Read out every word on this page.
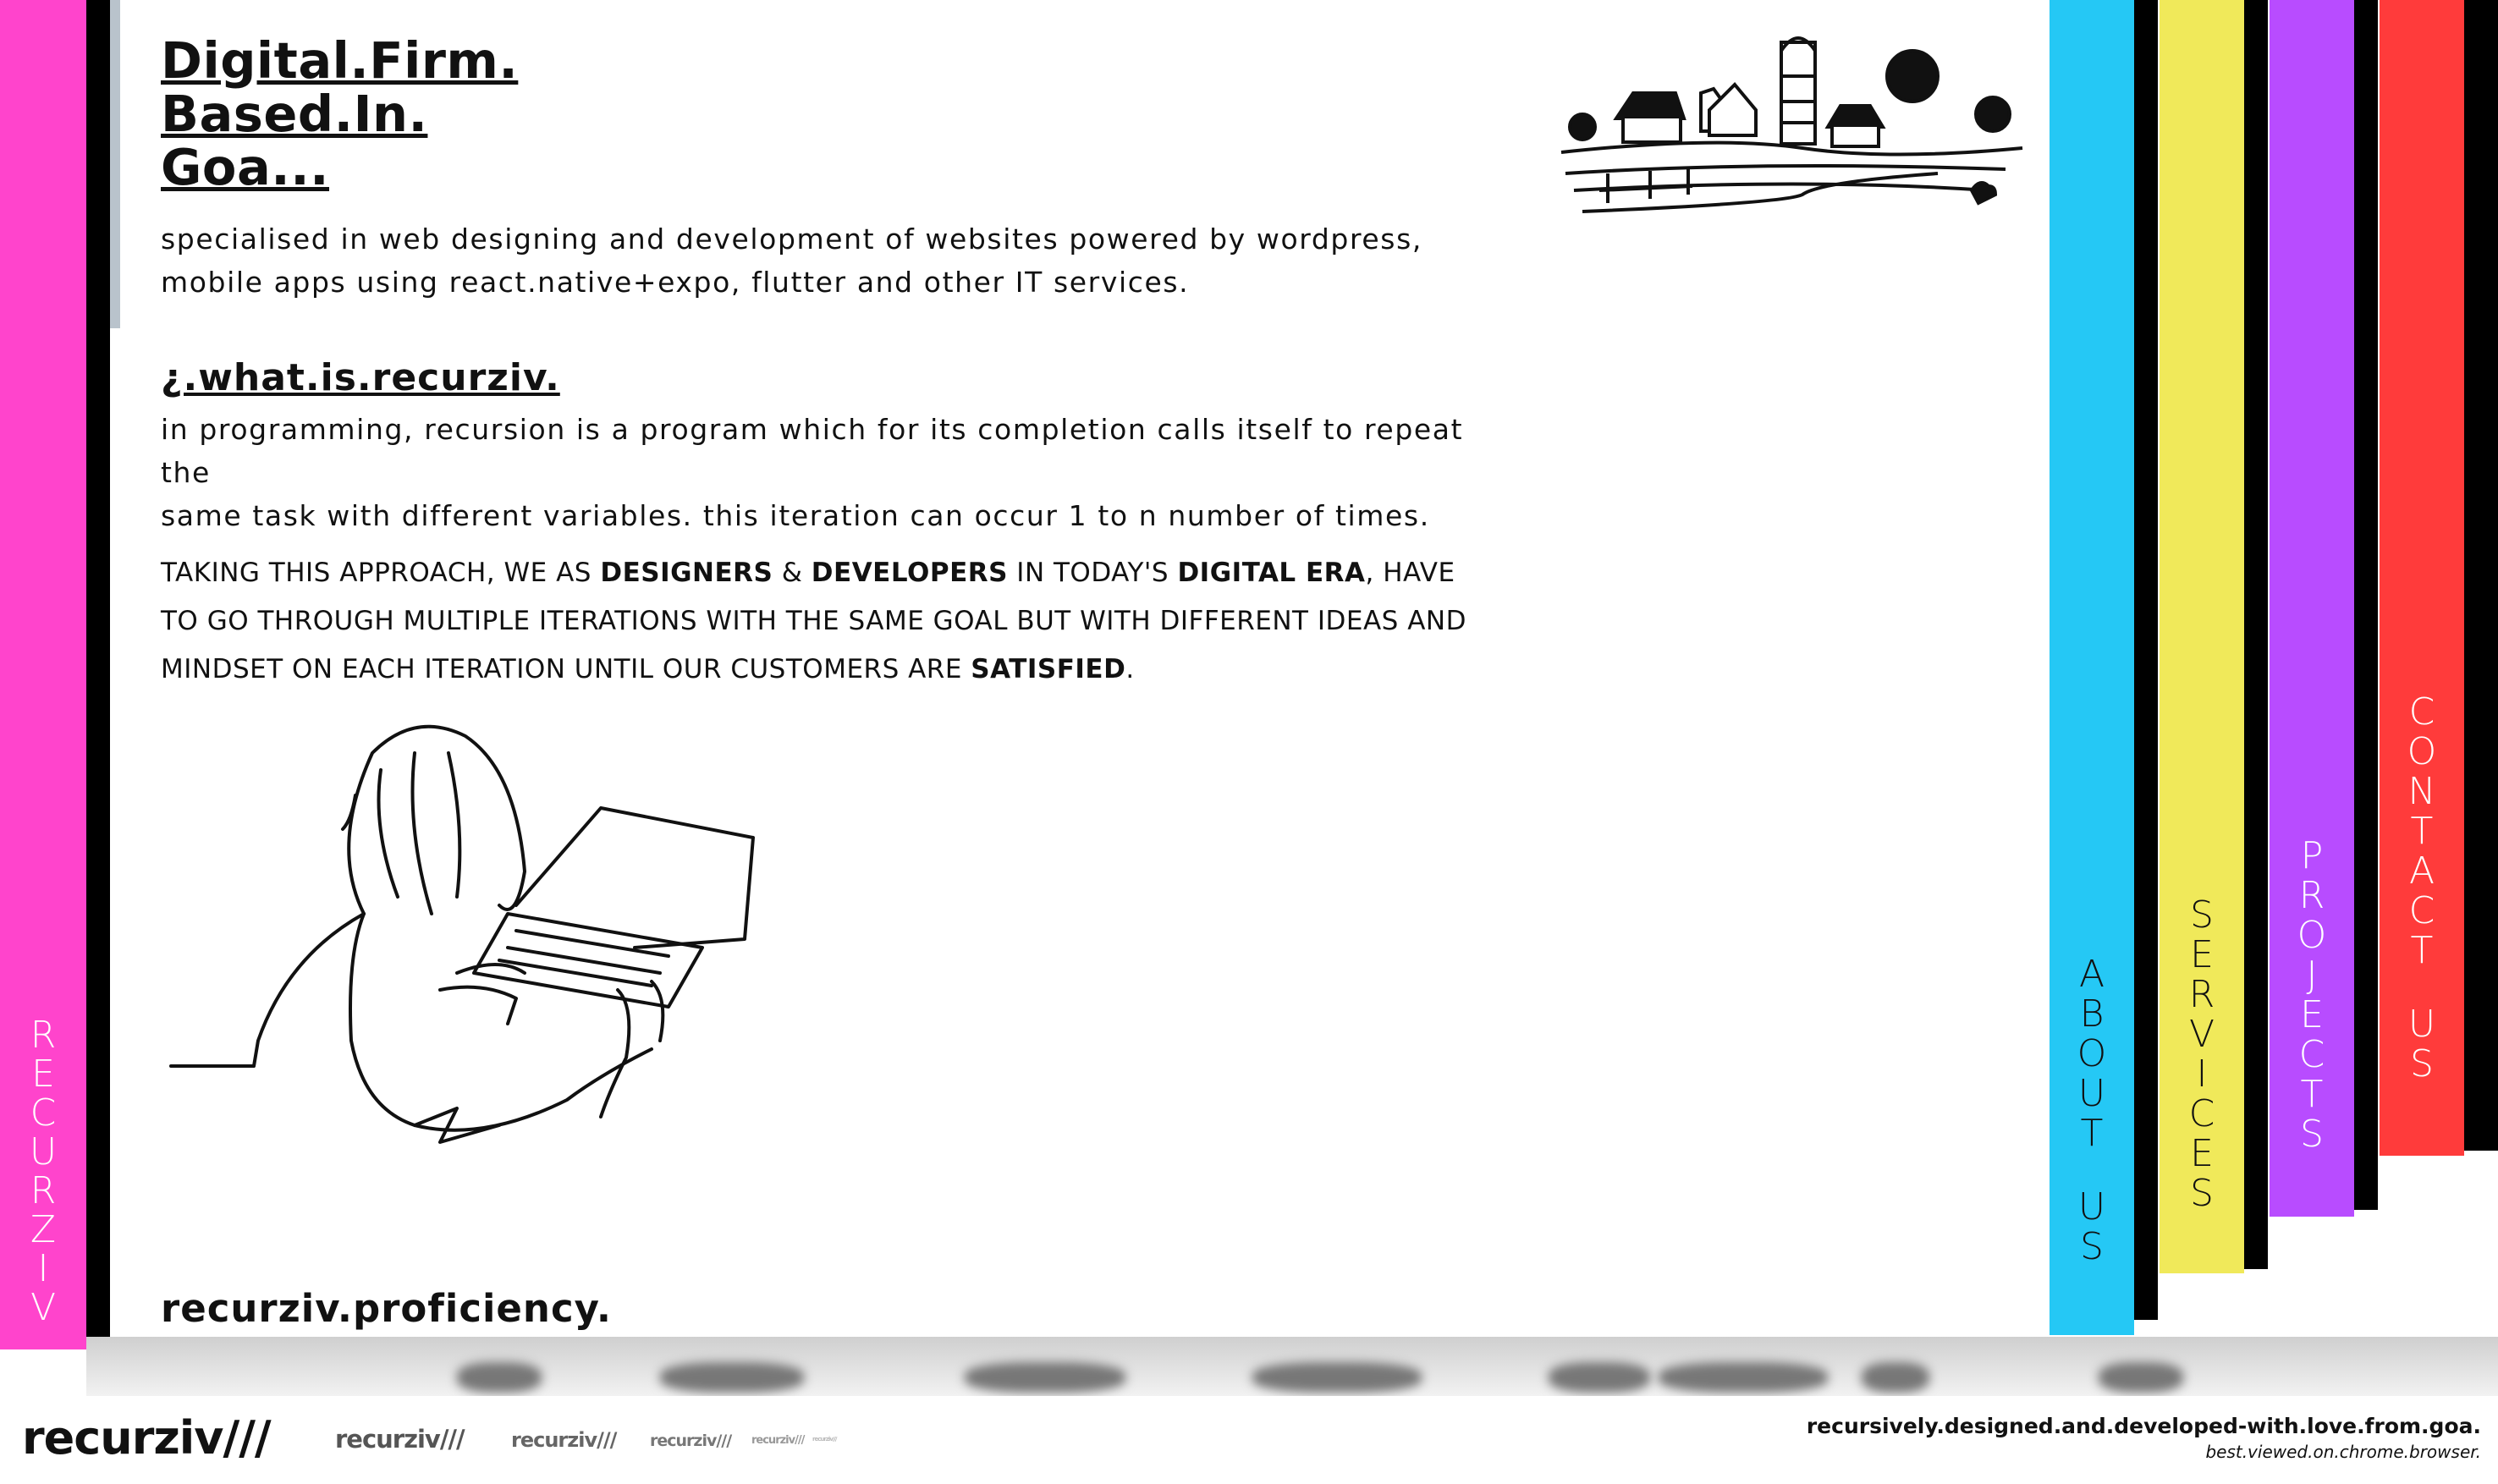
R
E
C
U
R
Z
I
V
Digital.Firm.
Based.In.
Goa...

specialised in web designing and development of websites powered by wordpress,

mobile apps using react.native+expo, flutter and other IT services.

¿.what.is.recurziv.

in programming, recursion is a program which for its completion calls itself to repeat the

same task with different variables. this iteration can occur 1 to n number of times.

TAKING THIS APPROACH, WE AS DESIGNERS & DEVELOPERS IN TODAY'S DIGITAL ERA, HAVE TO GO THROUGH MULTIPLE ITERATIONS WITH THE SAME GOAL BUT WITH DIFFERENT IDEAS AND MINDSET ON EACH ITERATION UNTIL OUR CUSTOMERS ARE SATISFIED.

recurziv.proficiency.
A
B
O
U
T
U
S
S
E
R
V
I
C
E
S
P
R
O
J
E
C
T
S
C
O
N
T
A
C
T
U
S
recurziv///	recurziv/// recurziv/// recurziv/// recurziv/// recurziv///

recursively.designed.and.developed-with.love.from.goa.

best.viewed.on.chrome.browser.
